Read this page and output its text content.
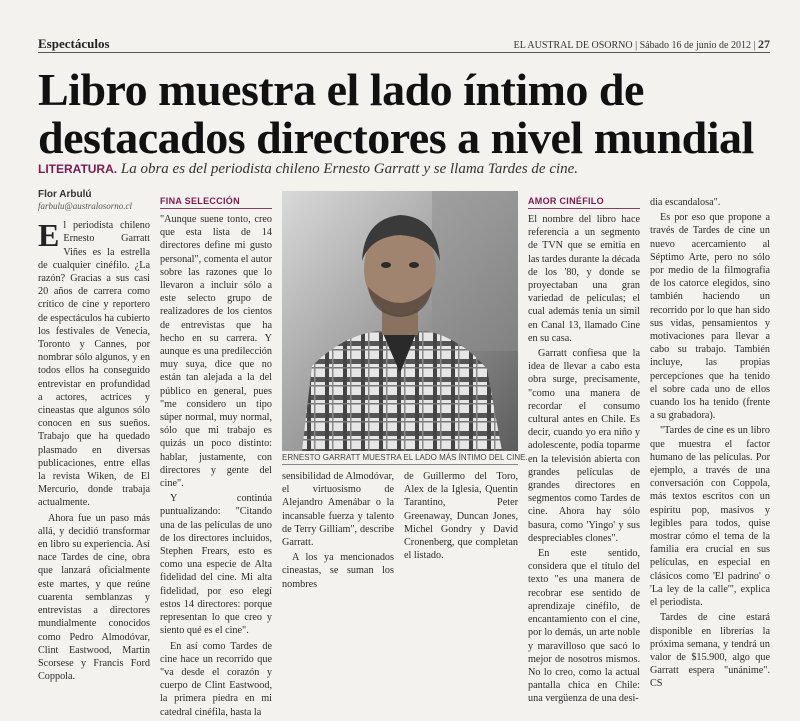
Espectáculos	EL AUSTRAL DE OSORNO | Sábado 16 de junio de 2012 | 27
Libro muestra el lado íntimo de
destacados directores a nivel mundial
LITERATURA. La obra es del periodista chileno Ernesto Garratt y se llama Tardes de cine.
Flor Arbulú
farbulu@australosorno.cl

El periodista chileno Ernesto Garratt Viñes es la estrella de cualquier cinéfilo. ¿La razón? Gracias a sus casi 20 años de carrera como crítico de cine y reportero de espectáculos ha cubierto los festivales de Venecia, Toronto y Cannes, por nombrar sólo algunos, y en todos ellos ha conseguido entrevistar en profundidad a actores, actrices y cineastas que algunos sólo conocen en sus sueños. Trabajo que ha quedado plasmado en diversas publicaciones, entre ellas la revista Wiken, de El Mercurio, donde trabaja actualmente.

Ahora fue un paso más allá, y decidió transformar en libro su experiencia. Así nace Tardes de cine, obra que lanzará oficialmente este martes, y que reúne cuarenta semblanzas y entrevistas a directores mundialmente conocidos como Pedro Almodóvar, Clint Eastwood, Martin Scorsese y Francis Ford Coppola.

FINA SELECCIÓN

"Aunque suene tonto, creo que esta lista de 14 directores define mi gusto personal", comenta el autor sobre las razones que lo llevaron a incluir sólo a este selecto grupo de realizadores de los cientos de entrevistas que ha hecho en su carrera. Y aunque es una predilección muy suya, dice que no están tan alejada a la del público en general, pues "me considero un tipo súper normal, muy normal, sólo que mi trabajo es quizás un poco distinto: hablar, justamente, con directores y gente del cine".

Y continúa puntualizando: "Citando una de las películas de uno de los directores incluidos, Stephen Frears, esto es como una especie de Alta fidelidad del cine. Mi alta fidelidad, por eso elegí estos 14 directores: porque representan lo que creo y siento qué es el cine".

En así como Tardes de cine hace un recorrido que "va desde el corazón y cuerpo de Clint Eastwood, la primera piedra en mi catedral cinéfila, hasta la

ERNESTO GARRATT MUESTRA EL LADO MÁS ÍNTIMO DEL CINE.

sensibilidad de Almodóvar, el virtuosismo de Alejandro Amenábar o la incansable fuerza y talento de Terry Gilliam", describe Garratt.

A los ya mencionados cineastas, se suman los nombres

de Guillermo del Toro, Alex de la Iglesia, Quentin Tarantino, Peter Greenaway, Duncan Jones, Michel Gondry y David Cronenberg, que completan el listado.

AMOR CINÉFILO

El nombre del libro hace referencia a un segmento de TVN que se emitía en las tardes durante la década de los '80, y donde se proyectaban una gran variedad de películas; el cual además tenía un símil en Canal 13, llamado Cine en su casa.

Garratt confiesa que la idea de llevar a cabo esta obra surge, precisamente, "como una manera de recordar el consumo cultural antes en Chile. Es decir, cuando yo era niño y adolescente, podía toparme en la televisión abierta con grandes películas de grandes directores en segmentos como Tardes de cine. Ahora hay sólo basura, como 'Yingo' y sus despreciables clones".

En este sentido, considera que el título del texto "es una manera de recobrar ese sentido de aprendizaje cinéfilo, de encantamiento con el cine, por lo demás, un arte noble y maravilloso que sacó lo mejor de nosotros mismos. No lo creo, como la actual pantalla chica en Chile: una vergüenza de una desi-

dia escandalosa".

Es por eso que propone a través de Tardes de cine un nuevo acercamiento al Séptimo Arte, pero no sólo por medio de la filmografía de los catorce elegidos, sino también haciendo un recorrido por lo que han sido sus vidas, pensamientos y motivaciones para llevar a cabo su trabajo. También incluye, las propias percepciones que ha tenido el sobre cada uno de ellos cuando los ha tenido (frente a su grabadora).

"Tardes de cine es un libro que muestra el factor humano de las películas. Por ejemplo, a través de una conversación con Coppola, más textos escritos con un espíritu pop, masivos y legibles para todos, quise mostrar cómo el tema de la familia era crucial en sus películas, en especial en clásicos como 'El padrino' o 'La ley de la calle'", explica el periodista.

Tardes de cine estará disponible en librerías la próxima semana, y tendrá un valor de $15.900, algo que Garratt espera "unánime". CS
